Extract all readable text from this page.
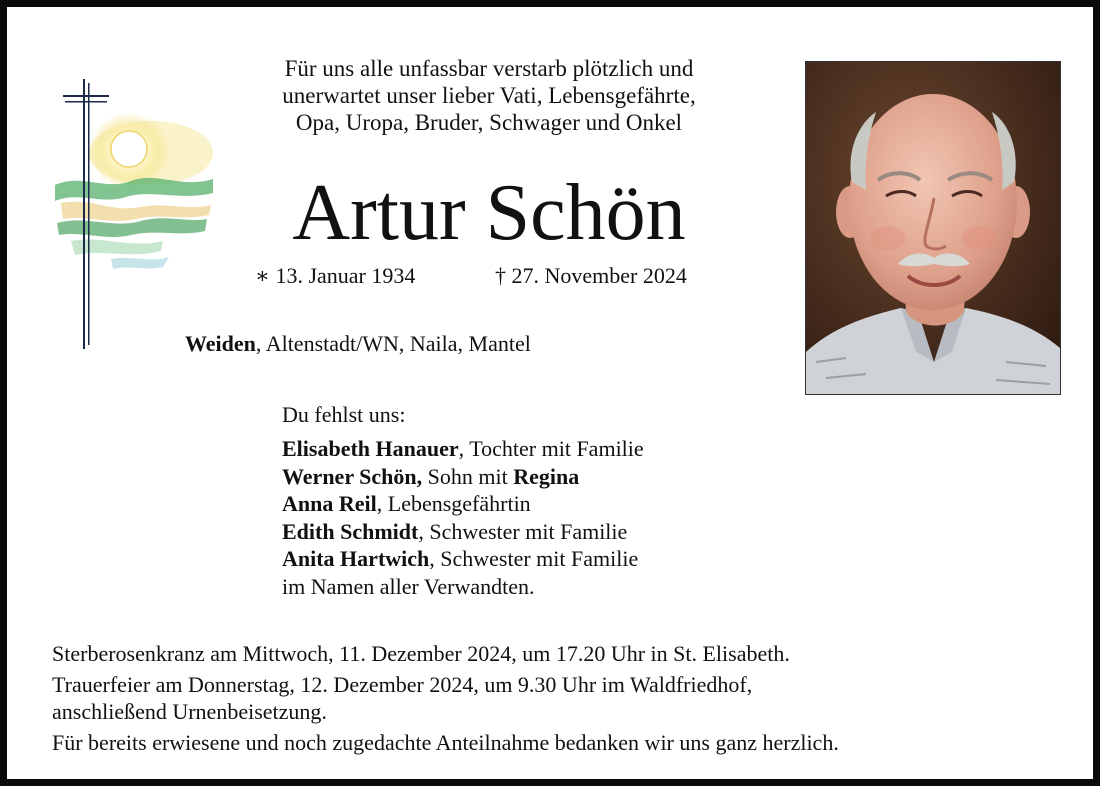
Für uns alle unfassbar verstarb plötzlich und
unerwartet unser lieber Vati, Lebensgefährte,
Opa, Uropa, Bruder, Schwager und Onkel
Artur Schön
∗ 13. Januar 1934	† 27. November 2024
Weiden, Altenstadt/WN, Naila, Mantel
Du fehlst uns:
Elisabeth Hanauer, Tochter mit Familie
Werner Schön, Sohn mit Regina
Anna Reil, Lebensgefährtin
Edith Schmidt, Schwester mit Familie
Anita Hartwich, Schwester mit Familie
im Namen aller Verwandten.
Sterberosenkranz am Mittwoch, 11. Dezember 2024, um 17.20 Uhr in St. Elisabeth.
Trauerfeier am Donnerstag, 12. Dezember 2024, um 9.30 Uhr im Waldfriedhof,
anschließend Urnenbeisetzung.
Für bereits erwiesene und noch zugedachte Anteilnahme bedanken wir uns ganz herzlich.
